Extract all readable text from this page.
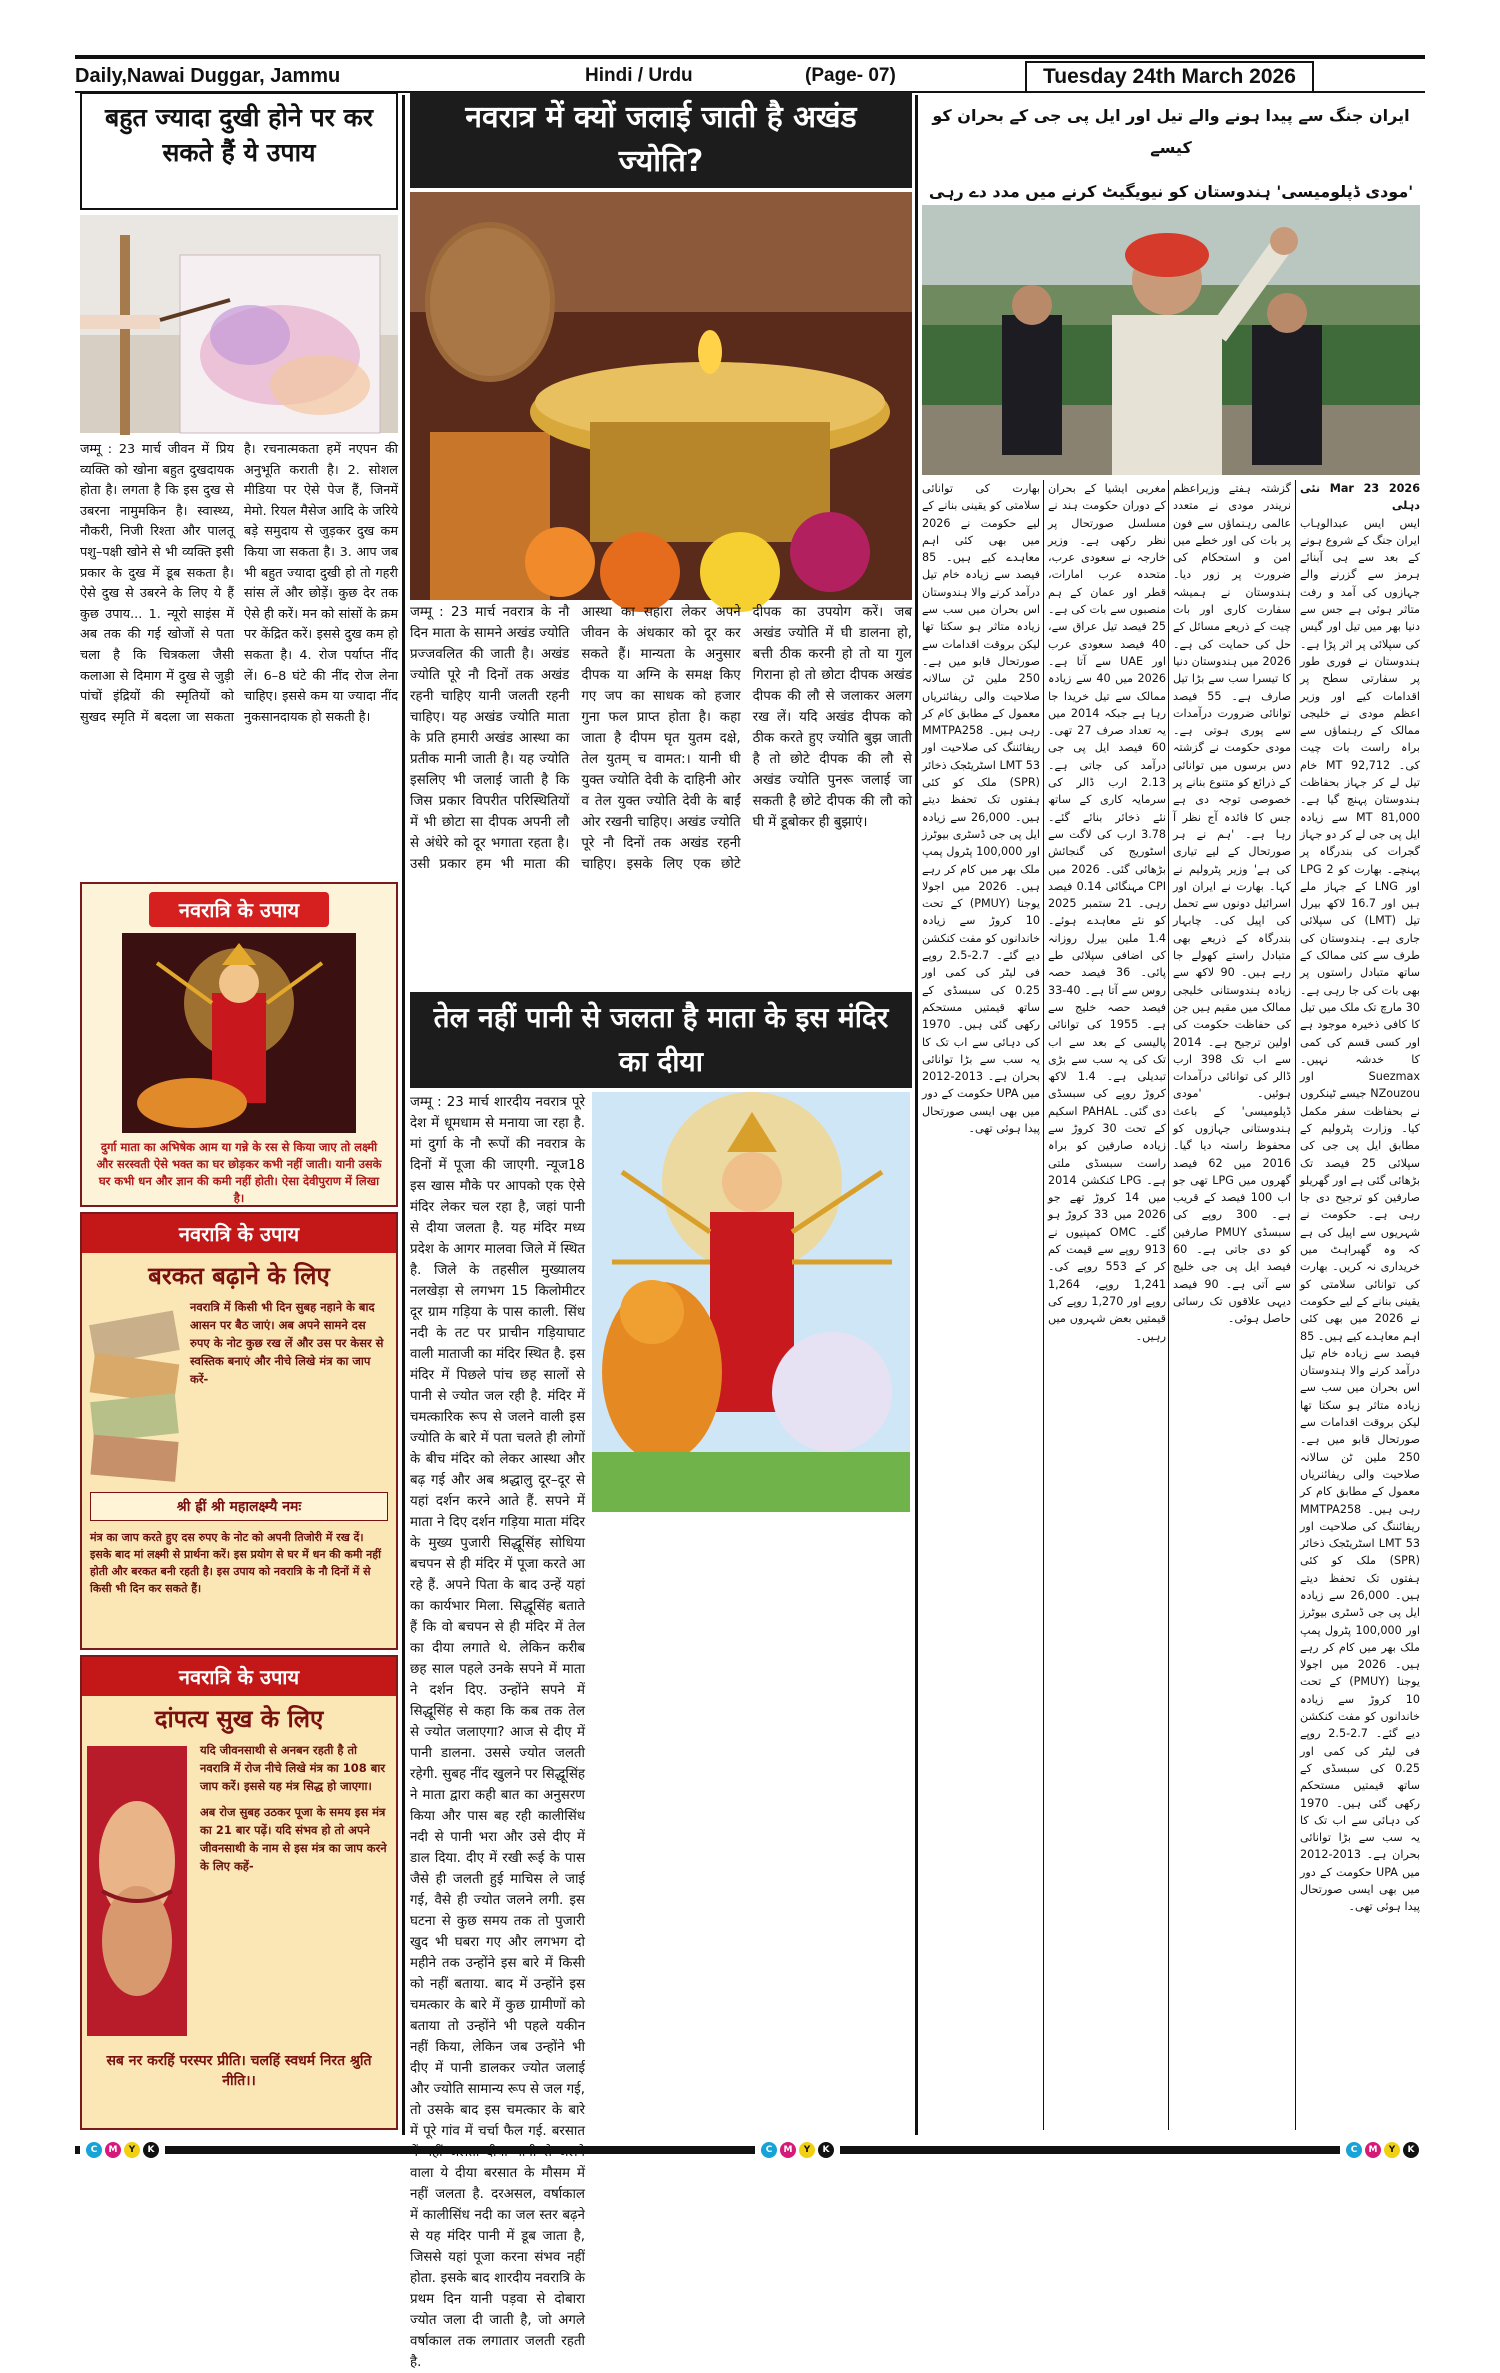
Daily,Nawai Duggar, Jammu	Hindi / Urdu	(Page- 07)	Tuesday 24th March 2026
बहुत ज्यादा दुखी होने पर कर सकते हैं ये उपाय
जम्मू : 23 मार्च जीवन में प्रिय व्यक्ति को खोना बहुत दुखदायक होता है। लगता है कि इस दुख से उबरना नामुमकिन है। स्वास्थ्य, नौकरी, निजी रिश्ता और पालतू पशु–पक्षी खोने से भी व्यक्ति इसी प्रकार के दुख में डूब सकता है। ऐसे दुख से उबरने के लिए ये हैं कुछ उपाय... 1. न्यूरो साइंस में अब तक की गई खोजों से पता चला है कि चित्रकला जैसी कलाआ से दिमाग में दुख से जुड़ी पांचों इंद्रियों की स्मृतियों को सुखद स्मृति में बदला जा सकता है। रचनात्मकता हमें नएपन की अनुभूति कराती है। 2. सोशल मीडिया पर ऐसे पेज हैं, जिनमें मेमो. रियल मैसेज आदि के जरिये बड़े समुदाय से जुड़कर दुख कम किया जा सकता है। 3. आप जब भी बहुत ज्यादा दुखी हो तो गहरी सांस लें और छोड़ें। कुछ देर तक ऐसे ही करें। मन को सांसों के क्रम पर केंद्रित करें। इससे दुख कम हो सकता है। 4. रोज पर्याप्त नींद लें। 6–8 घंटे की नींद रोज लेना चाहिए। इससे कम या ज्यादा नींद नुकसानदायक हो सकती है।
नवरात्रि के उपाय
दुर्गा माता का अभिषेक आम या गन्ने के रस से किया जाए तो लक्ष्मी और सरस्वती ऐसे भक्त का घर छोड़कर कभी नहीं जाती। यानी उसके घर कभी धन और ज्ञान की कमी नहीं होती। ऐसा देवीपुराण में लिखा है।
नवरात्रि के उपाय
बरकत बढ़ाने के लिए
नवरात्रि में किसी भी दिन सुबह नहाने के बाद आसन पर बैठ जाएं। अब अपने सामने दस रुपए के नोट कुछ रख लें और उस पर केसर से स्वस्तिक बनाएं और नीचे लिखे मंत्र का जाप करें-
श्री ह्रीं श्री महालक्ष्म्यै नमः
मंत्र का जाप करते हुए दस रुपए के नोट को अपनी तिजोरी में रख दें। इसके बाद मां लक्ष्मी से प्रार्थना करें। इस प्रयोग से घर में धन की कमी नहीं होती और बरकत बनी रहती है। इस उपाय को नवरात्रि के नौ दिनों में से किसी भी दिन कर सकते हैं।
नवरात्रि के उपाय
दांपत्य सुख के लिए
यदि जीवनसाथी से अनबन रहती है तो नवरात्रि में रोज नीचे लिखे मंत्र का 108 बार जाप करें। इससे यह मंत्र सिद्ध हो जाएगा।
अब रोज सुबह उठकर पूजा के समय इस मंत्र का 21 बार पढ़ें। यदि संभव हो तो अपने जीवनसाथी के नाम से इस मंत्र का जाप करने के लिए कहें-
सब नर करहिं परस्पर प्रीति। चलहिं स्वधर्म निरत श्रुति नीति।।
नवरात्र में क्यों जलाई जाती है अखंड ज्योति?
जम्मू : 23 मार्च नवरात्र के नौ दिन माता के सामने अखंड ज्योति प्रज्जवलित की जाती है। अखंड ज्योति पूरे नौ दिनों तक अखंड रहनी चाहिए यानी जलती रहनी चाहिए। यह अखंड ज्योति माता के प्रति हमारी अखंड आस्था का प्रतीक मानी जाती है। यह ज्योति इसलिए भी जलाई जाती है कि जिस प्रकार विपरीत परिस्थितियों में भी छोटा सा दीपक अपनी लौ से अंधेरे को दूर भगाता रहता है। उसी प्रकार हम भी माता की आस्था का सहारा लेकर अपने जीवन के अंधकार को दूर कर सकते हैं। मान्यता के अनुसार दीपक या अग्नि के समक्ष किए गए जप का साधक को हजार गुना फल प्राप्त होता है। कहा जाता है दीपम घृत युतम दक्षे, तेल युतम् च वामत:। यानी घी युक्त ज्योति देवी के दाहिनी ओर व तेल युक्त ज्योति देवी के बाईं ओर रखनी चाहिए। अखंड ज्योति पूरे नौ दिनों तक अखंड रहनी चाहिए। इसके लिए एक छोटे दीपक का उपयोग करें। जब अखंड ज्योति में घी डालना हो, बत्ती ठीक करनी हो तो या गुल गिराना हो तो छोटा दीपक अखंड दीपक की लौ से जलाकर अलग रख लें। यदि अखंड दीपक को ठीक करते हुए ज्योति बुझ जाती है तो छोटे दीपक की लौ से अखंड ज्योति पुनरू जलाई जा सकती है छोटे दीपक की लौ को घी में डूबोकर ही बुझाएं।
तेल नहीं पानी से जलता है माता के इस मंदिर का दीया
जम्मू : 23 मार्च शारदीय नवरात्र पूरे देश में धूमधाम से मनाया जा रहा है. मां दुर्गा के नौ रूपों की नवरात्र के दिनों में पूजा की जाएगी. न्यूज18 इस खास मौके पर आपको एक ऐसे मंदिर लेकर चल रहा है, जहां पानी से दीया जलता है. यह मंदिर मध्य प्रदेश के आगर मालवा जिले में स्थित है. जिले के तहसील मुख्यालय नलखेड़ा से लगभग 15 किलोमीटर दूर ग्राम गड़िया के पास काली. सिंध नदी के तट पर प्राचीन गड़ियाघाट वाली माताजी का मंदिर स्थित है. इस मंदिर में पिछले पांच छह सालों से पानी से ज्योत जल रही है. मंदिर में चमत्कारिक रूप से जलने वाली इस ज्योति के बारे में पता चलते ही लोगों के बीच मंदिर को लेकर आस्था और बढ़ गई और अब श्रद्धालु दूर–दूर से यहां दर्शन करने आते हैं. सपने में माता ने दिए दर्शन गड़िया माता मंदिर के मुख्य पुजारी सिद्धूसिंह सोधिया बचपन से ही मंदिर में पूजा करते आ रहे हैं. अपने पिता के बाद उन्हें यहां का कार्यभार मिला. सिद्धूसिंह बताते हैं कि वो बचपन से ही मंदिर में तेल का दीया लगाते थे. लेकिन करीब छह साल पहले उनके सपने में माता ने दर्शन दिए. उन्होंने सपने में सिद्धूसिंह से कहा कि कब तक तेल से ज्योत जलाएगा? आज से दीए में पानी डालना. उससे ज्योत जलती रहेगी. सुबह नींद खुलने पर सिद्धूसिंह ने माता द्वारा कही बात का अनुसरण किया और पास बह रही कालीसिंध नदी से पानी भरा और उसे दीए में डाल दिया. दीए में रखी रूई के पास जैसे ही जलती हुई माचिस ले जाई गई, वैसे ही ज्योत जलने लगी. इस घटना से कुछ समय तक तो पुजारी खुद भी घबरा गए और लगभग दो महीने तक उन्होंने इस बारे में किसी को नहीं बताया. बाद में उन्होंने इस चमत्कार के बारे में कुछ ग्रामीणों को बताया तो उन्होंने भी पहले यकीन नहीं किया, लेकिन जब उन्होंने भी दीए में पानी डालकर ज्योत जलाई और ज्योति सामान्य रूप से जल गई, तो उसके बाद इस चमत्कार के बारे में पूरे गांव में चर्चा फैल गई. बरसात वाला ये दीया बरसात के मौसम में नहीं जलता है. दरअसल, वर्षाकाल में कालीसिंध नदी का जल स्तर बढ़ने से यह मंदिर पानी में डूब जाता है, जिससे यहां पूजा करना संभव नहीं होता. इसके बाद शारदीय नवरात्रि के प्रथम दिन यानी पड़वा से दोबारा ज्योत जला दी जाती है, जो अगले वर्षाकाल तक लगातार जलती रहती है.
ایران جنگ سے پیدا ہونے والے تیل اور ایل پی جی کے بحران کو کیسے
'مودی ڈپلومیسی' ہندوستان کو نیویگیٹ کرنے میں مدد دے رہی
2026 Mar 23 نئی دہلی
ایس ایس عبدالوہاب ایران جنگ کے شروع ہونے کے بعد سے ہی آبنائے ہرمز سے گزرنے والے جہازوں کی آمد و رفت متاثر ہوئی ہے جس سے دنیا بھر میں تیل اور گیس کی سپلائی پر اثر پڑا ہے۔ ہندوستان نے فوری طور پر سفارتی سطح پر اقدامات کیے اور وزیر اعظم مودی نے خلیجی ممالک کے رہنماؤں سے براہ راست بات چیت کی۔ 92,712 MT خام تیل لے کر جہاز بحفاظت ہندوستان پہنچ گیا ہے۔ 81,000 MT سے زیادہ ایل پی جی لے کر دو جہاز گجرات کی بندرگاہ پر پہنچے۔ بھارت کو 2 LPG اور LNG کے جہاز ملے ہیں اور 16.7 لاکھ بیرل تیل (LMT) کی سپلائی جاری ہے۔ ہندوستان کی طرف سے کئی ممالک کے ساتھ متبادل راستوں پر بھی بات کی جا رہی ہے۔ 30 مارچ تک ملک میں تیل کا کافی ذخیرہ موجود ہے اور کسی قسم کی کمی کا خدشہ نہیں۔ Suezmax اور NZouzou جیسے ٹینکروں نے بحفاظت سفر مکمل کیا۔ وزارت پٹرولیم کے مطابق ایل پی جی کی سپلائی 25 فیصد تک بڑھائی گئی ہے اور گھریلو صارفین کو ترجیح دی جا رہی ہے۔ حکومت نے شہریوں سے اپیل کی ہے کہ وہ گھبراہٹ میں خریداری نہ کریں۔ بھارت کی توانائی سلامتی کو یقینی بنانے کے لیے حکومت نے 2026 میں بھی کئی اہم معاہدے کیے ہیں۔ 85 فیصد سے زیادہ خام تیل درآمد کرنے والا ہندوستان اس بحران میں سب سے زیادہ متاثر ہو سکتا تھا لیکن بروقت اقدامات سے صورتحال قابو میں ہے۔ 250 ملین ٹن سالانہ صلاحیت والی ریفائنریاں معمول کے مطابق کام کر رہی ہیں۔ MMTPA258 ریفائننگ کی صلاحیت اور 53 LMT اسٹریٹجک ذخائر (SPR) ملک کو کئی ہفتوں تک تحفظ دیتے ہیں۔ 26,000 سے زیادہ ایل پی جی ڈسٹری بیوٹرز اور 100,000 پٹرول پمپ ملک بھر میں کام کر رہے ہیں۔ 2026 میں اجولا یوجنا (PMUY) کے تحت 10 کروڑ سے زیادہ خاندانوں کو مفت کنکشن دیے گئے۔ 2.7-2.5 روپے فی لیٹر کی کمی اور 0.25 کی سبسڈی کے ساتھ قیمتیں مستحکم رکھی گئی ہیں۔ 1970 کی دہائی سے اب تک کا یہ سب سے بڑا توانائی بحران ہے۔ 2013-2012 میں UPA حکومت کے دور میں بھی ایسی صورتحال پیدا ہوئی تھی۔
گزشتہ ہفتے وزیراعظم نریندر مودی نے متعدد عالمی رہنماؤں سے فون پر بات کی اور خطے میں امن و استحکام کی ضرورت پر زور دیا۔ ہندوستان نے ہمیشہ سفارت کاری اور بات چیت کے ذریعے مسائل کے حل کی حمایت کی ہے۔ 2026 میں ہندوستان دنیا کا تیسرا سب سے بڑا تیل صارف ہے۔ 55 فیصد توانائی ضرورت درآمدات سے پوری ہوتی ہے۔ مودی حکومت نے گزشتہ دس برسوں میں توانائی کے ذرائع کو متنوع بنانے پر خصوصی توجہ دی ہے جس کا فائدہ آج نظر آ رہا ہے۔ 'ہم نے ہر صورتحال کے لیے تیاری کی ہے' وزیر پٹرولیم نے کہا۔ بھارت نے ایران اور اسرائیل دونوں سے تحمل کی اپیل کی۔ چابہار بندرگاہ کے ذریعے بھی متبادل راستے کھولے جا رہے ہیں۔ 90 لاکھ سے زیادہ ہندوستانی خلیجی ممالک میں مقیم ہیں جن کی حفاظت حکومت کی اولین ترجیح ہے۔ 2014 سے اب تک 398 ارب ڈالر کی توانائی درآمدات ہوئیں۔ 'مودی ڈپلومیسی' کے باعث ہندوستانی جہازوں کو محفوظ راستہ دیا گیا۔ 2016 میں 62 فیصد گھروں میں LPG تھی جو اب 100 فیصد کے قریب ہے۔ 300 روپے کی سبسڈی PMUY صارفین کو دی جاتی ہے۔ 60 فیصد ایل پی جی خلیج سے آتی ہے۔ 90 فیصد دیہی علاقوں تک رسائی حاصل ہوئی۔
مغربی ایشیا کے بحران کے دوران حکومت ہند نے مسلسل صورتحال پر نظر رکھی ہے۔ وزیر خارجہ نے سعودی عرب، متحدہ عرب امارات، قطر اور عمان کے ہم منصبوں سے بات کی ہے۔ 25 فیصد تیل عراق سے، 40 فیصد سعودی عرب اور UAE سے آتا ہے۔ 2026 میں 40 سے زیادہ ممالک سے تیل خریدا جا رہا ہے جبکہ 2014 میں یہ تعداد صرف 27 تھی۔ 60 فیصد ایل پی جی درآمد کی جاتی ہے۔ 2.13 ارب ڈالر کی سرمایہ کاری کے ساتھ نئے ذخائر بنائے گئے۔ 3.78 ارب کی لاگت سے اسٹوریج کی گنجائش بڑھائی گئی۔ 2026 میں CPI مہنگائی 0.14 فیصد رہی۔ 21 ستمبر 2025 کو نئے معاہدے ہوئے۔ 1.4 ملین بیرل روزانہ کی اضافی سپلائی طے پائی۔ 36 فیصد حصہ روس سے آتا ہے۔ 40-33 فیصد حصہ خلیج سے ہے۔ 1955 کی توانائی پالیسی کے بعد سے اب تک کی یہ سب سے بڑی تبدیلی ہے۔ 1.4 لاکھ کروڑ روپے کی سبسڈی دی گئی۔ PAHAL اسکیم کے تحت 30 کروڑ سے زیادہ صارفین کو براہ راست سبسڈی ملتی ہے۔ LPG کنکشن 2014 میں 14 کروڑ تھے جو 2026 میں 33 کروڑ ہو گئے۔ OMC کمپنیوں نے 913 روپے سے قیمت کم کر کے 553 روپے کی۔ 1,241 روپے، 1,264 روپے اور 1,270 روپے کی قیمتیں بعض شہروں میں رہیں۔
بھارت کی توانائی سلامتی کو یقینی بنانے کے لیے حکومت نے 2026 میں بھی کئی اہم معاہدے کیے ہیں۔ 85 فیصد سے زیادہ خام تیل درآمد کرنے والا ہندوستان اس بحران میں سب سے زیادہ متاثر ہو سکتا تھا لیکن بروقت اقدامات سے صورتحال قابو میں ہے۔ 250 ملین ٹن سالانہ صلاحیت والی ریفائنریاں معمول کے مطابق کام کر رہی ہیں۔ MMTPA258 ریفائننگ کی صلاحیت اور 53 LMT اسٹریٹجک ذخائر (SPR) ملک کو کئی ہفتوں تک تحفظ دیتے ہیں۔ 26,000 سے زیادہ ایل پی جی ڈسٹری بیوٹرز اور 100,000 پٹرول پمپ ملک بھر میں کام کر رہے ہیں۔ 2026 میں اجولا یوجنا (PMUY) کے تحت 10 کروڑ سے زیادہ خاندانوں کو مفت کنکشن دیے گئے۔ 2.7-2.5 روپے فی لیٹر کی کمی اور 0.25 کی سبسڈی کے ساتھ قیمتیں مستحکم رکھی گئی ہیں۔ 1970 کی دہائی سے اب تک کا یہ سب سے بڑا توانائی بحران ہے۔ 2013-2012 میں UPA حکومت کے دور میں بھی ایسی صورتحال پیدا ہوئی تھی۔
C	M	Y	K	C	M	Y	K	C	M	Y	K
